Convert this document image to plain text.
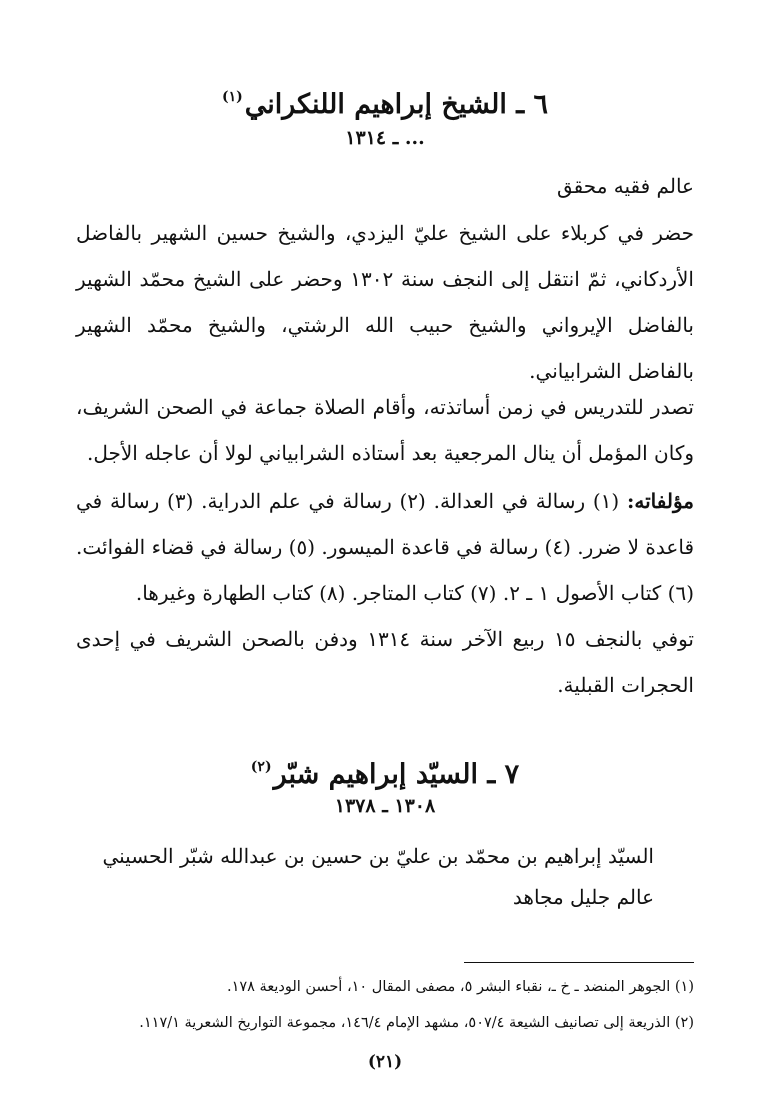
٦ ـ الشيخ إبراهيم اللنكراني$^{(١)}$
... ـ ١٣١٤

عالم فقيه محقق

حضر في كربلاء على الشيخ عليّ اليزدي، والشيخ حسين الشهير بالفاضل الأردكاني، ثمّ انتقل إلى النجف سنة ١٣٠٢ وحضر على الشيخ محمّد الشهير بالفاضل الإيرواني والشيخ حبيب الله الرشتي، والشيخ محمّد الشهير بالفاضل الشرابياني.

تصدر للتدريس في زمن أساتذته، وأقام الصلاة جماعة في الصحن الشريف، وكان المؤمل أن ينال المرجعية بعد أستاذه الشرابياني لولا أن عاجله الأجل.

مؤلفاته: (١) رسالة في العدالة. (٢) رسالة في علم الدراية. (٣) رسالة في قاعدة لا ضرر. (٤) رسالة في قاعدة الميسور. (٥) رسالة في قضاء الفوائت. (٦) كتاب الأصول ١ ـ ٢. (٧) كتاب المتاجر. (٨) كتاب الطهارة وغيرها.

توفي بالنجف ١٥ ربيع الآخر سنة ١٣١٤ ودفن بالصحن الشريف في إحدى الحجرات القبلية.

٧ ـ السيّد إبراهيم شبّر$^{(٢)}$
١٣٠٨ ـ ١٣٧٨

السيّد إبراهيم بن محمّد بن عليّ بن حسين بن عبدالله شبّر الحسيني

عالم جليل مجاهد

(١) الجوهر المنضد ـ خ ـ، نقباء البشر ٥، مصفى المقال ١٠، أحسن الوديعة ١٧٨.

(٢) الذريعة إلى تصانيف الشيعة ٥٠٧/٤، مشهد الإمام ١٤٦/٤، مجموعة التواريخ الشعرية ١١٧/١.

(٢١)
